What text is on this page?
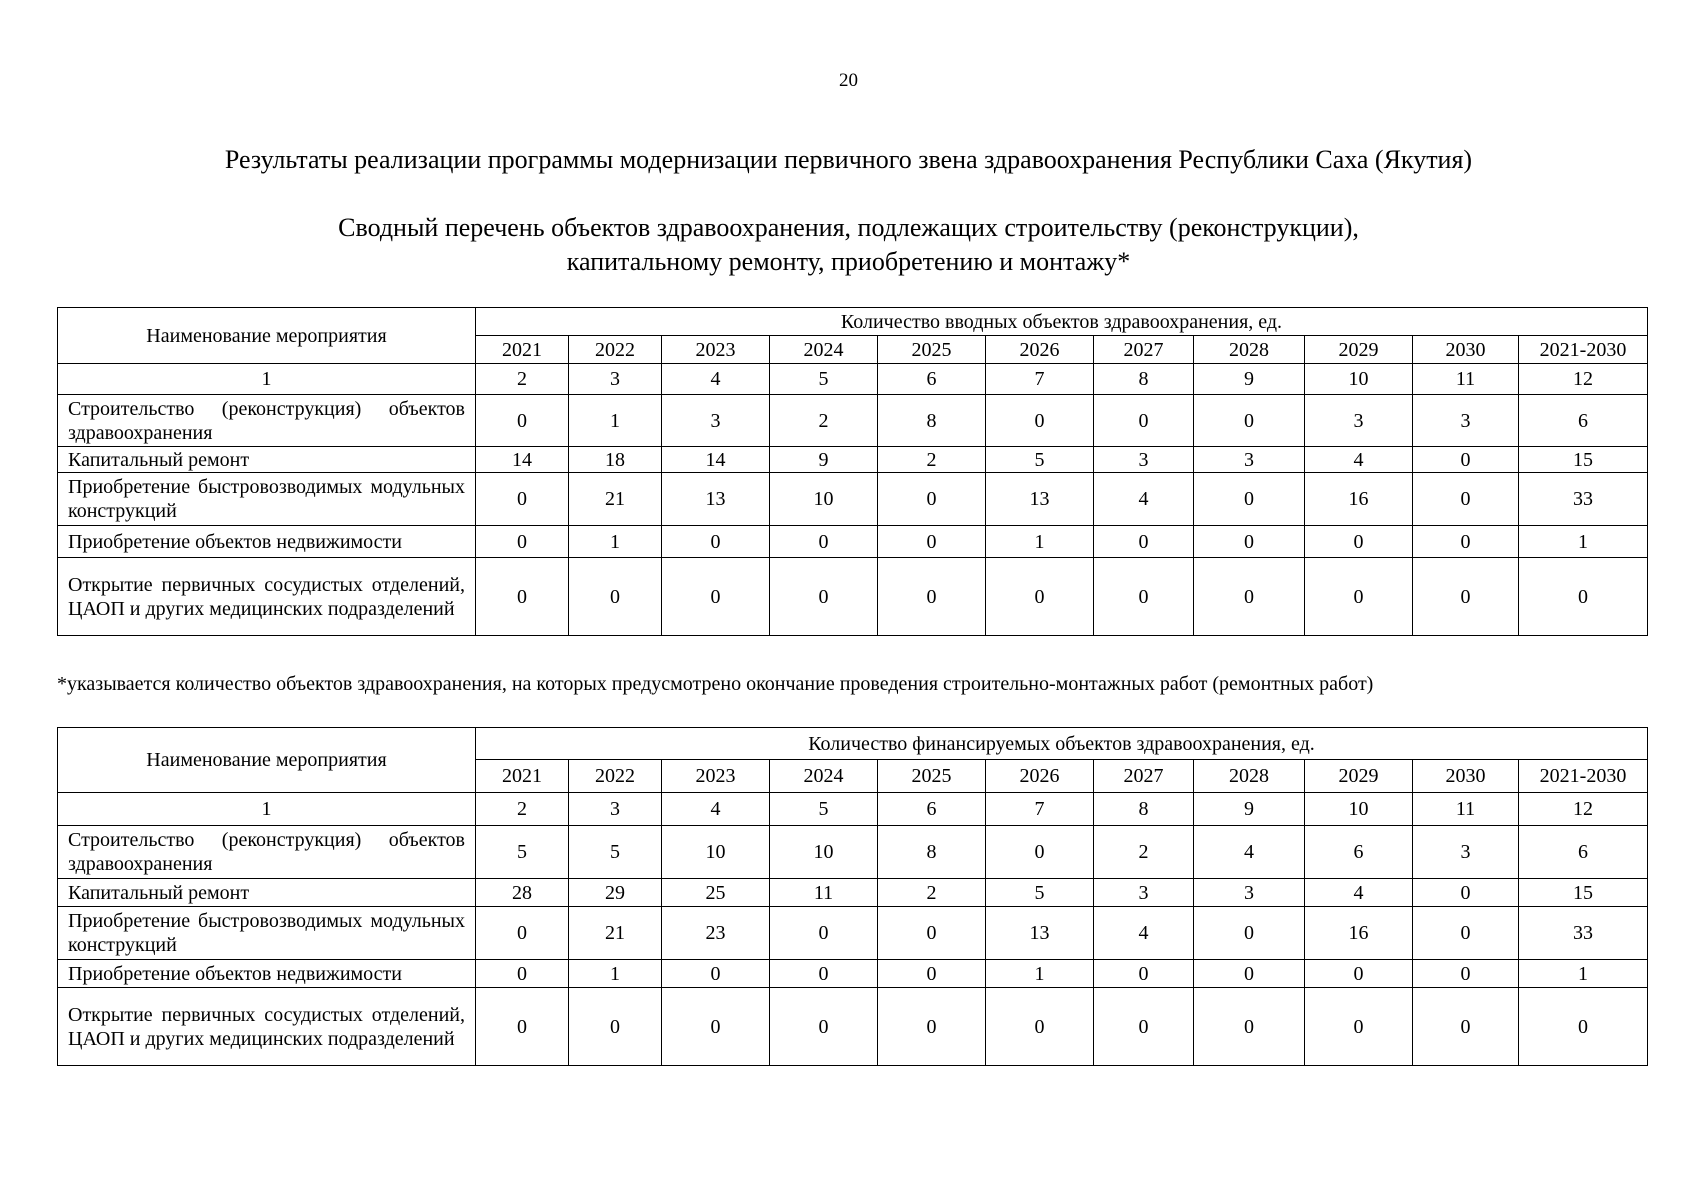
20
Результаты реализации программы модернизации первичного звена здравоохранения Республики Саха (Якутия)
Сводный перечень объектов здравоохранения, подлежащих строительству (реконструкции),
капитальному ремонту, приобретению и монтажу*
Наименование мероприятия	Количество вводных объектов здравоохранения, ед.										
	2021	2022	2023	2024	2025	2026	2027	2028	2029	2030	2021-2030
1	2	3	4	5	6	7	8	9	10	11	12
Строительство (реконструкция) объектов здравоохранения	0	1	3	2	8	0	0	0	3	3	6
Капитальный ремонт	14	18	14	9	2	5	3	3	4	0	15
Приобретение быстровозводимых модульных конструкций	0	21	13	10	0	13	4	0	16	0	33
Приобретение объектов недвижимости	0	1	0	0	0	1	0	0	0	0	1
Открытие первичных сосудистых отделений, ЦАОП и других медицинских подразделений	0	0	0	0	0	0	0	0	0	0	0
*указывается количество объектов здравоохранения, на которых предусмотрено окончание проведения строительно-монтажных работ (ремонтных работ)
Наименование мероприятия	Количество финансируемых объектов здравоохранения, ед.										
	2021	2022	2023	2024	2025	2026	2027	2028	2029	2030	2021-2030
1	2	3	4	5	6	7	8	9	10	11	12
Строительство (реконструкция) объектов здравоохранения	5	5	10	10	8	0	2	4	6	3	6
Капитальный ремонт	28	29	25	11	2	5	3	3	4	0	15
Приобретение быстровозводимых модульных конструкций	0	21	23	0	0	13	4	0	16	0	33
Приобретение объектов недвижимости	0	1	0	0	0	1	0	0	0	0	1
Открытие первичных сосудистых отделений, ЦАОП и других медицинских подразделений	0	0	0	0	0	0	0	0	0	0	0
